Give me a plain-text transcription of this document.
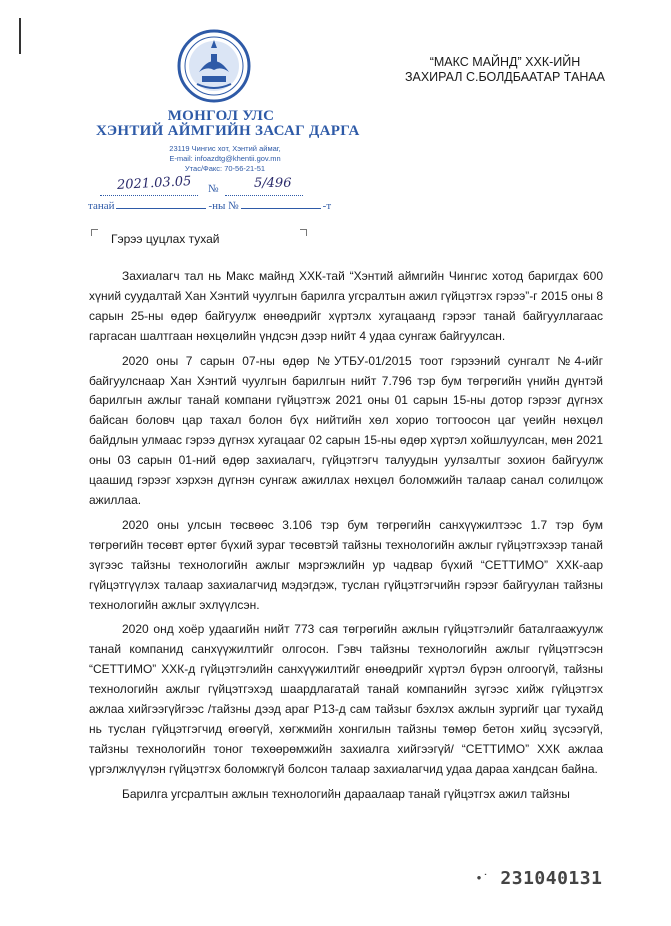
МОНГОЛ УЛС
ХЭНТИЙ АЙМГИЙН ЗАСАГ ДАРГА
23119 Чингис хот, Хэнтий аймаг,
E-mail: infoazdtg@khentii.gov.mn
Утас/Факс: 70-56-21-51
“МАКС МАЙНД” ХХК-ИЙН
ЗАХИРАЛ С.БОЛДБААТАР ТАНАА
2021.03.05 №	5/496
танай	-ны №	-т
Гэрээ цуцлах тухай

Захиалагч тал нь Макс майнд ХХК-тай “Хэнтий аймгийн Чингис хотод баригдах 600 хүний суудалтай Хан Хэнтий чуулгын барилга угсралтын ажил гүйцэтгэх гэрээ”-г 2015 оны 8 сарын 25-ны өдөр байгуулж өнөөдрийг хүртэлх хугацаанд гэрээг танай байгууллагаас гаргасан шалтгаан нөхцөлийн үндсэн дээр нийт 4 удаа сунгаж байгуулсан.

2020 оны 7 сарын 07-ны өдөр №УТБУ-01/2015 тоот гэрээний сунгалт №4-ийг байгуулснаар Хан Хэнтий чуулгын барилгын нийт 7.796 тэр бум төгрөгийн үнийн дүнтэй барилгын ажлыг танай компани гүйцэтгэж 2021 оны 01 сарын 15-ны дотор гэрээг дүгнэх байсан боловч цар тахал болон бүх нийтийн хөл хорио тогтоосон цаг үеийн нөхцөл байдлын улмаас гэрээ дүгнэх хугацааг 02 сарын 15-ны өдөр хүртэл хойшлуулсан, мөн 2021 оны 03 сарын 01-ний өдөр захиалагч, гүйцэтгэгч талуудын уулзалтыг зохион байгуулж цаашид гэрээг хэрхэн дүгнэн сунгаж ажиллах нөхцөл боломжийн талаар санал солилцож ажиллаа.

2020 оны улсын төсвөөс 3.106 тэр бум төгрөгийн санхүүжилтээс 1.7 тэр бум төгрөгийн төсөвт өртөг бүхий зураг төсөвтэй тайзны технологийн ажлыг гүйцэтгэхээр танай зүгээс тайзны технологийн ажлыг мэргэжлийн ур чадвар бүхий “СЕТТИМО” ХХК-аар гүйцэтгүүлэх талаар захиалагчид мэдэгдэж, туслан гүйцэтгэгчийн гэрээг байгуулан тайзны технологийн ажлыг эхлүүлсэн.

2020 онд хоёр удаагийн нийт 773 сая төгрөгийн ажлын гүйцэтгэлийг баталгаажуулж танай компанид санхүүжилтийг олгосон. Гэвч тайзны технологийн ажлыг гүйцэтгэсэн “СЕТТИМО” ХХК-д гүйцэтгэлийн санхүүжилтийг өнөөдрийг хүртэл бүрэн олгоогүй, тайзны технологийн ажлыг гүйцэтгэхэд шаардлагатай танай компанийн зүгээс хийж гүйцэтгэх ажлаа хийгээгүйгээс /тайзны дээд араг Р13-д сам тайзыг бэхлэх ажлын зургийг цаг тухайд нь туслан гүйцэтгэгчид өгөөгүй, хөгжмийн хонгилын тайзны төмөр бетон хийц зүсээгүй, тайзны технологийн тоног төхөөрөмжийн захиалга хийгээгүй/ “СЕТТИМО” ХХК ажлаа үргэлжлүүлэн гүйцэтгэх боломжгүй болсон талаар захиалагчид удаа дараа хандсан байна.

Барилга угсралтын ажлын технологийн дараалаар танай гүйцэтгэх ажил тайзны

•˙ 231040131
